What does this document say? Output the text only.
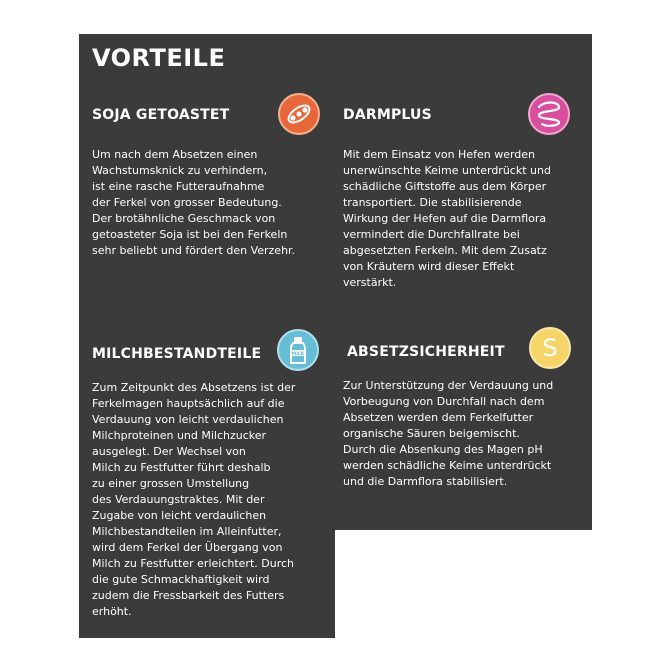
VORTEILE
SOJA GETOASTET
Um nach dem Absetzen einen
Wachstumsknick zu verhindern,
ist eine rasche Futteraufnahme
der Ferkel von grosser Bedeutung.
Der brotähnliche Geschmack von
getoasteter Soja ist bei den Ferkeln
sehr beliebt und fördert den Verzehr.
DARMPLUS
Mit dem Einsatz von Hefen werden
unerwünschte Keime unterdrückt und
schädliche Giftstoffe aus dem Körper
transportiert. Die stabilisierende
Wirkung der Hefen auf die Darmflora
vermindert die Durchfallrate bei
abgesetzten Ferkeln. Mit dem Zusatz
von Kräutern wird dieser Effekt
verstärkt.
MILCHBESTANDTEILE	MILK
Zum Zeitpunkt des Absetzens ist der
Ferkelmagen hauptsächlich auf die
Verdauung von leicht verdaulichen
Milchproteinen und Milchzucker
ausgelegt. Der Wechsel von
Milch zu Festfutter führt deshalb
zu einer grossen Umstellung
des Verdauungstraktes. Mit der
Zugabe von leicht verdaulichen
Milchbestandteilen im Alleinfutter,
wird dem Ferkel der Übergang von
Milch zu Festfutter erleichtert. Durch
die gute Schmackhaftigkeit wird
zudem die Fressbarkeit des Futters
erhöht.
ABSETZSICHERHEIT S
Zur Unterstützung der Verdauung und
Vorbeugung von Durchfall nach dem
Absetzen werden dem Ferkelfutter
organische Säuren beigemischt.
Durch die Absenkung des Magen pH
werden schädliche Keime unterdrückt
und die Darmflora stabilisiert.
